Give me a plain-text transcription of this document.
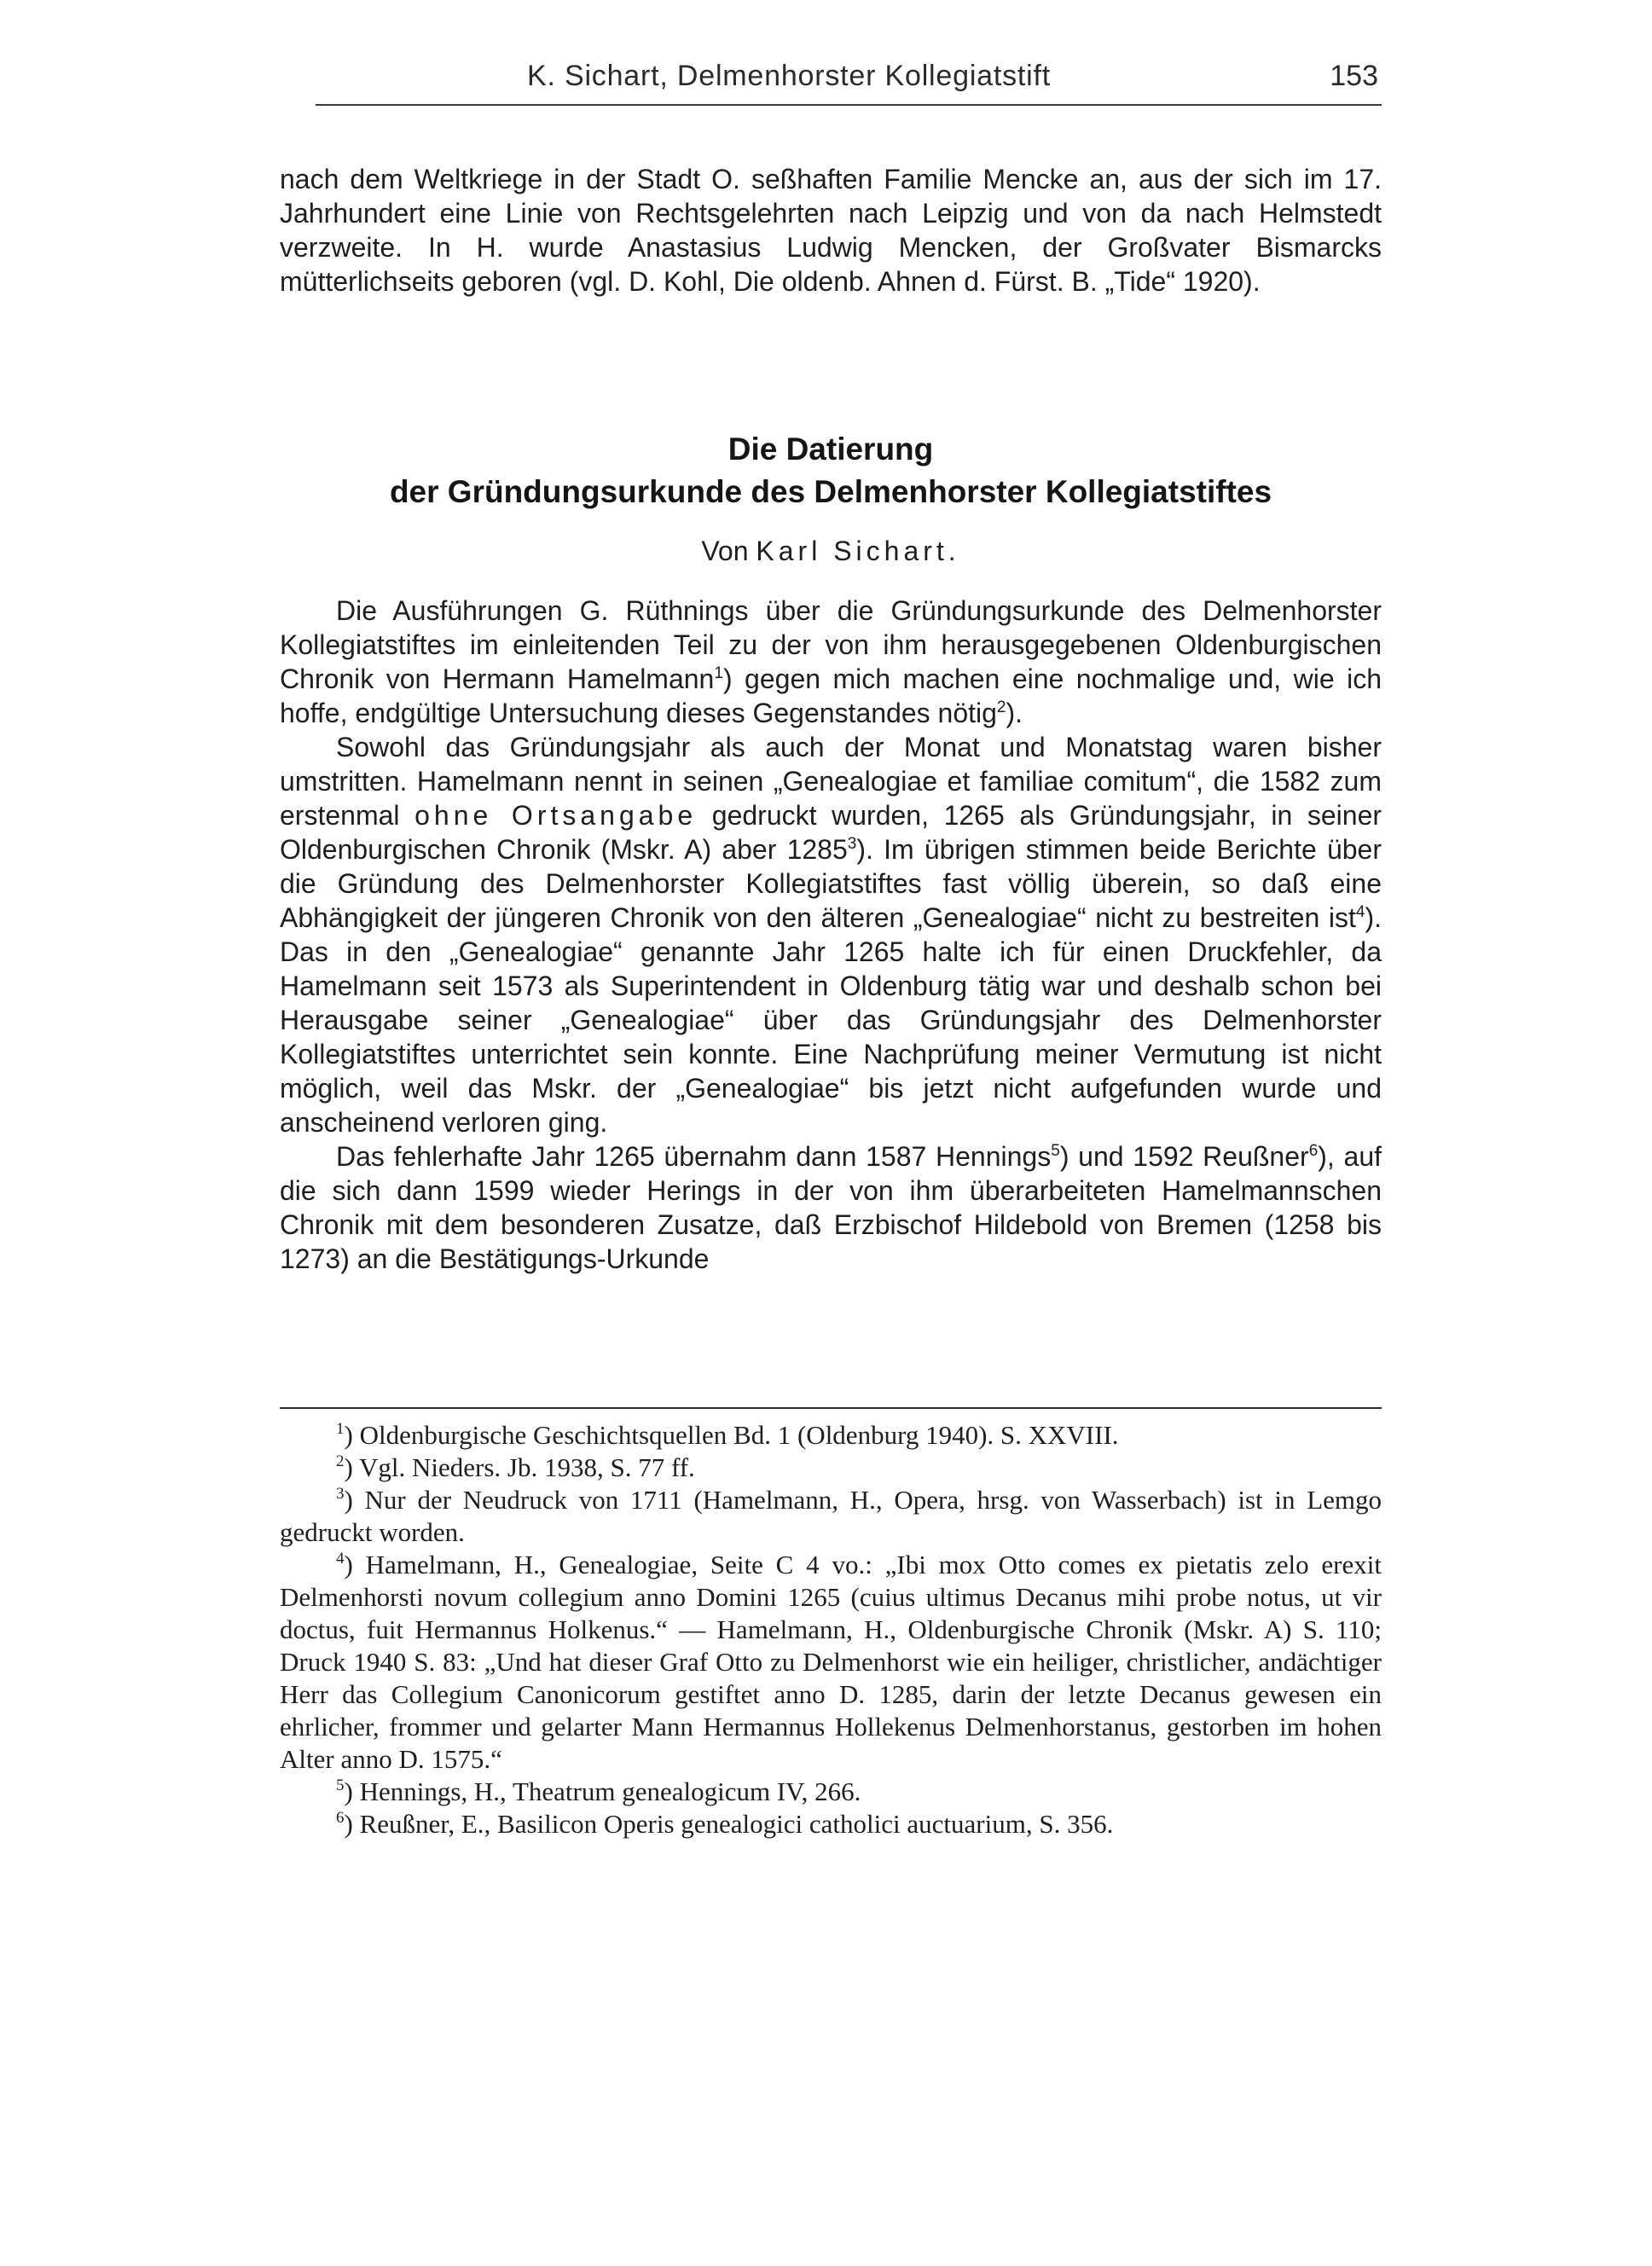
K. Sichart, Delmenhorster Kollegiatstift	153

nach dem Weltkriege in der Stadt O. seßhaften Familie Mencke an, aus der sich im 17. Jahrhundert eine Linie von Rechtsgelehrten nach Leipzig und von da nach Helmstedt verzweite. In H. wurde Anastasius Ludwig Mencken, der Großvater Bismarcks mütterlichseits geboren (vgl. D. Kohl, Die oldenb. Ahnen d. Fürst. B. „Tide“ 1920).

Die Datierung
der Gründungsurkunde des Delmenhorster Kollegiatstiftes

Von Karl Sichart.

Die Ausführungen G. Rüthnings über die Gründungsurkunde des Delmenhorster Kollegiatstiftes im einleitenden Teil zu der von ihm herausgegebenen Oldenburgischen Chronik von Hermann Hamelmann$^1$) gegen mich machen eine nochmalige und, wie ich hoffe, endgültige Untersuchung dieses Gegenstandes nötig$^2$).

Sowohl das Gründungsjahr als auch der Monat und Monatstag waren bisher umstritten. Hamelmann nennt in seinen „Genealogiae et familiae comitum“, die 1582 zum erstenmal ohne Ortsangabe gedruckt wurden, 1265 als Gründungsjahr, in seiner Oldenburgischen Chronik (Mskr. A) aber 1285$^3$). Im übrigen stimmen beide Berichte über die Gründung des Delmenhorster Kollegiatstiftes fast völlig überein, so daß eine Abhängigkeit der jüngeren Chronik von den älteren „Genealogiae“ nicht zu bestreiten ist$^4$). Das in den „Genealogiae“ genannte Jahr 1265 halte ich für einen Druckfehler, da Hamelmann seit 1573 als Superintendent in Oldenburg tätig war und deshalb schon bei Herausgabe seiner „Genealogiae“ über das Gründungsjahr des Delmenhorster Kollegiatstiftes unterrichtet sein konnte. Eine Nachprüfung meiner Vermutung ist nicht möglich, weil das Mskr. der „Genealogiae“ bis jetzt nicht aufgefunden wurde und anscheinend verloren ging.

Das fehlerhafte Jahr 1265 übernahm dann 1587 Hennings$^5$) und 1592 Reußner$^6$), auf die sich dann 1599 wieder Herings in der von ihm überarbeiteten Hamelmannschen Chronik mit dem besonderen Zusatze, daß Erzbischof Hildebold von Bremen (1258 bis 1273) an die Bestätigungs-Urkunde

$^1$) Oldenburgische Geschichtsquellen Bd. 1 (Oldenburg 1940). S. XXVIII.

$^2$) Vgl. Nieders. Jb. 1938, S. 77 ff.

$^3$) Nur der Neudruck von 1711 (Hamelmann, H., Opera, hrsg. von Wasserbach) ist in Lemgo gedruckt worden.

$^4$) Hamelmann, H., Genealogiae, Seite C 4 vo.: „Ibi mox Otto comes ex pietatis zelo erexit Delmenhorsti novum collegium anno Domini 1265 (cuius ultimus Decanus mihi probe notus, ut vir doctus, fuit Hermannus Holkenus.“ — Hamelmann, H., Oldenburgische Chronik (Mskr. A) S. 110; Druck 1940 S. 83: „Und hat dieser Graf Otto zu Delmenhorst wie ein heiliger, christlicher, andächtiger Herr das Collegium Canonicorum gestiftet anno D. 1285, darin der letzte Decanus gewesen ein ehrlicher, frommer und gelarter Mann Hermannus Hollekenus Delmenhorstanus, gestorben im hohen Alter anno D. 1575.“

$^5$) Hennings, H., Theatrum genealogicum IV, 266.

$^6$) Reußner, E., Basilicon Operis genealogici catholici auctuarium, S. 356.
